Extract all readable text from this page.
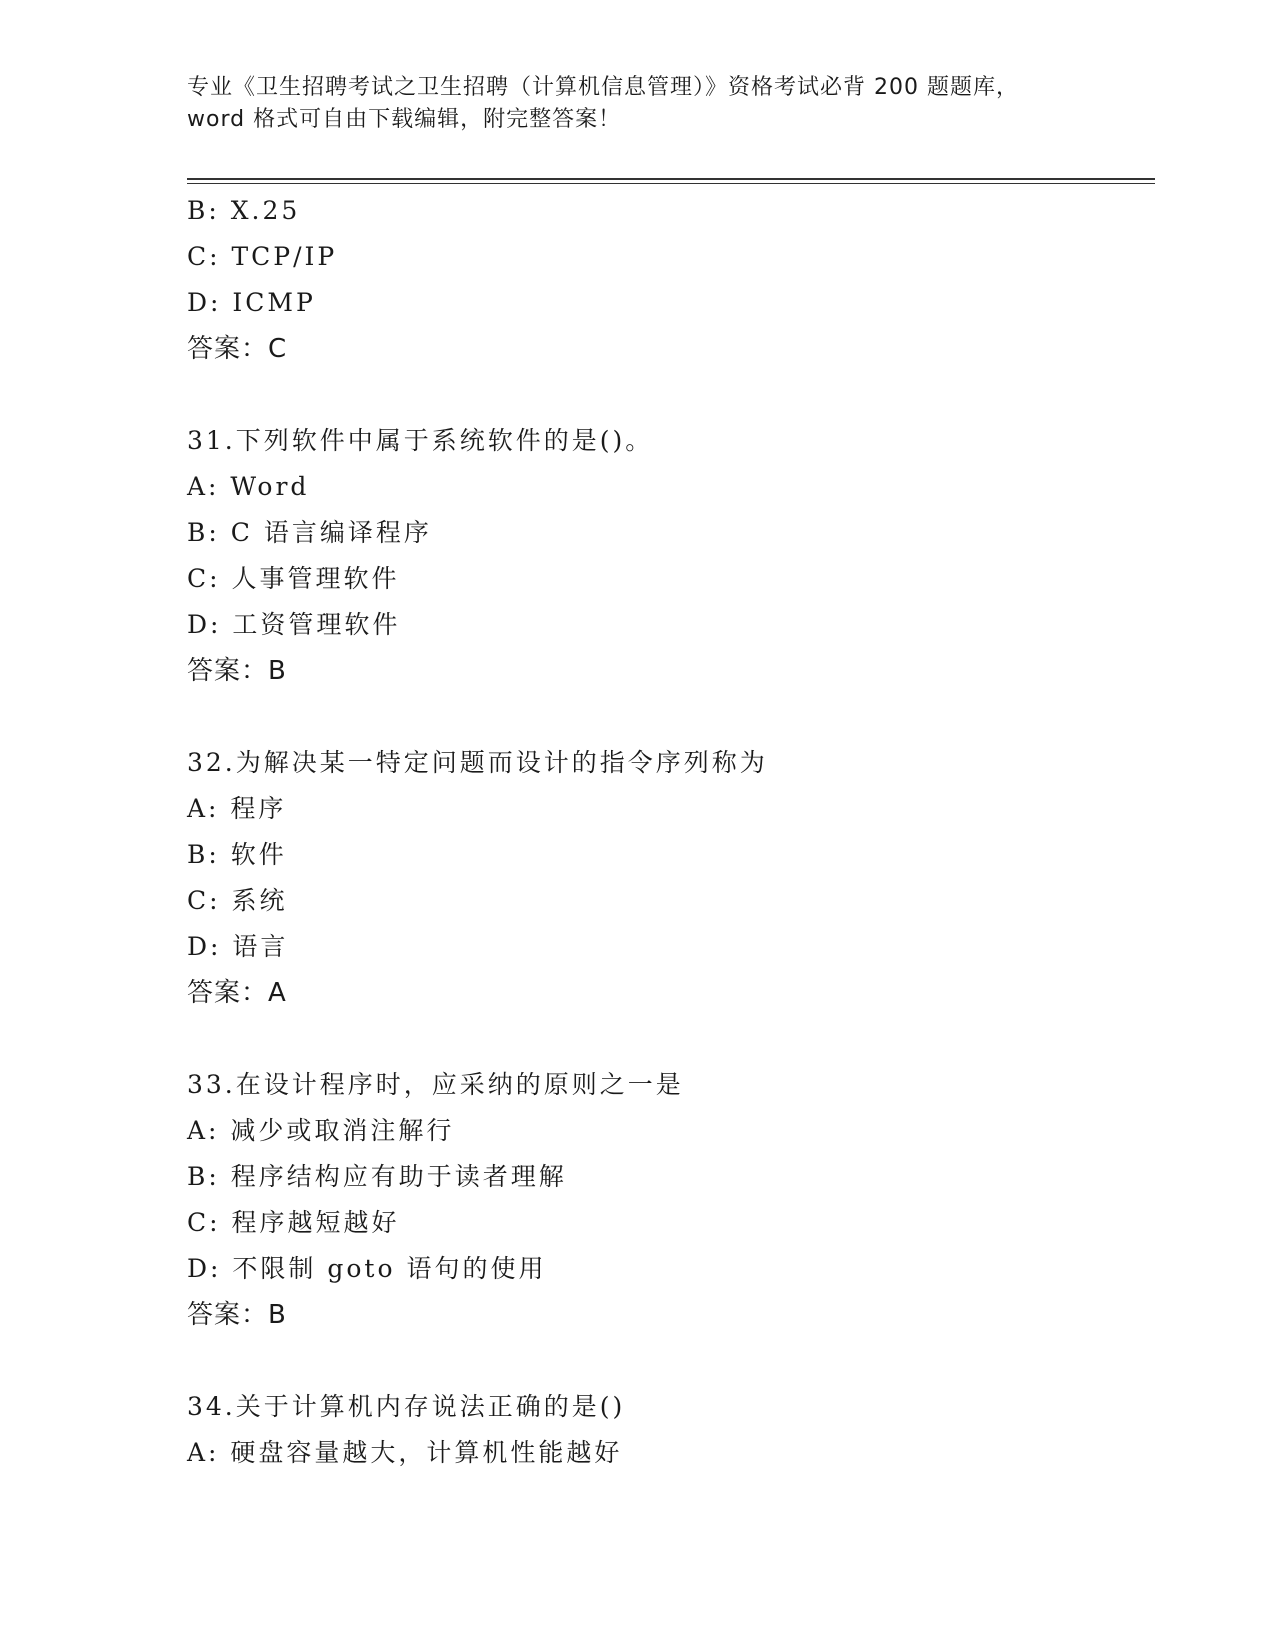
专业《卫生招聘考试之卫生招聘（计算机信息管理）》资格考试必背 200 题题库，
word 格式可自由下载编辑，附完整答案！
B: X.25
C: TCP/IP
D: ICMP
答案：C
31.下列软件中属于系统软件的是()。
A: Word
B: C 语言编译程序
C: 人事管理软件
D: 工资管理软件
答案：B
32.为解决某一特定问题而设计的指令序列称为
A: 程序
B: 软件
C: 系统
D: 语言
答案：A
33.在设计程序时，应采纳的原则之一是
A: 减少或取消注解行
B: 程序结构应有助于读者理解
C: 程序越短越好
D: 不限制 goto 语句的使用
答案：B
34.关于计算机内存说法正确的是()
A: 硬盘容量越大，计算机性能越好
